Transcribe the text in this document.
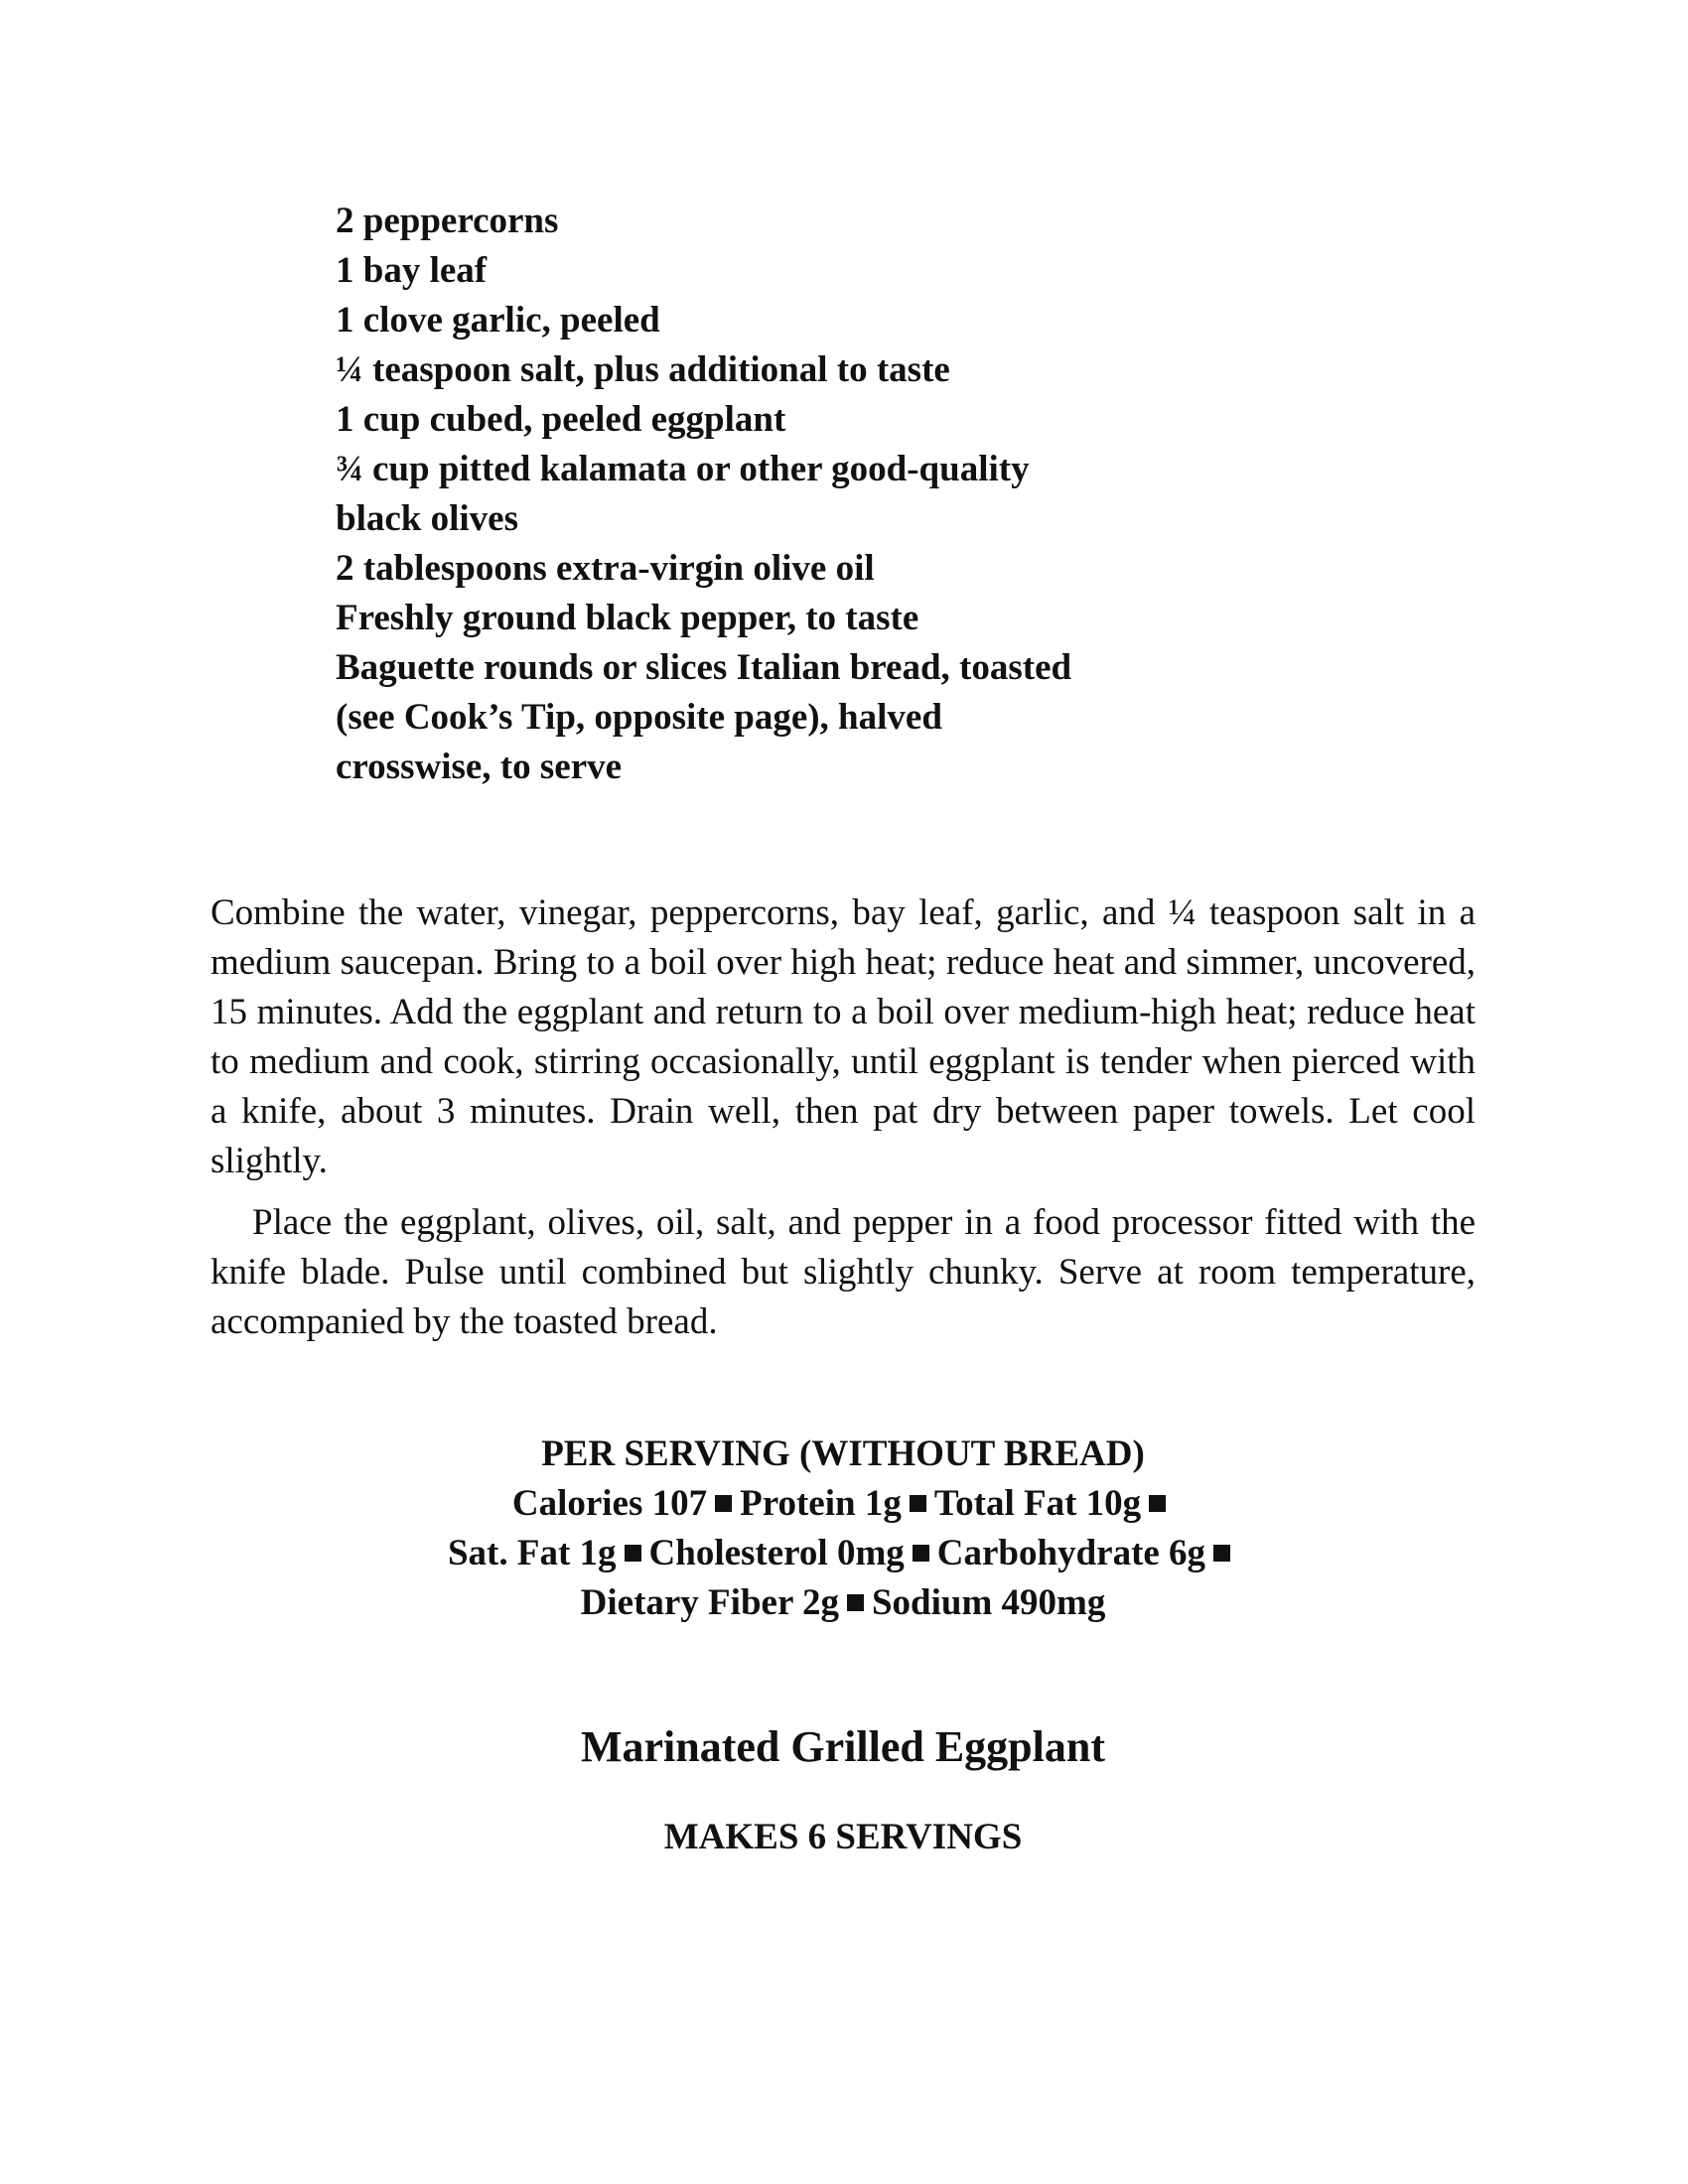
2 peppercorns
1 bay leaf
1 clove garlic, peeled
¼ teaspoon salt, plus additional to taste
1 cup cubed, peeled eggplant
¾ cup pitted kalamata or other good-quality
black olives
2 tablespoons extra-virgin olive oil
Freshly ground black pepper, to taste
Baguette rounds or slices Italian bread, toasted
(see Cook’s Tip, opposite page), halved
crosswise, to serve

Combine the water, vinegar, peppercorns, bay leaf, garlic, and ¼ teaspoon salt in a medium saucepan. Bring to a boil over high heat; reduce heat and simmer, uncovered, 15 minutes. Add the eggplant and return to a boil over medium-high heat; reduce heat to medium and cook, stirring occasionally, until eggplant is tender when pierced with a knife, about 3 minutes. Drain well, then pat dry between paper towels. Let cool slightly.

Place the eggplant, olives, oil, salt, and pepper in a food processor fitted with the knife blade. Pulse until combined but slightly chunky. Serve at room temperature, accompanied by the toasted bread.

PER SERVING (WITHOUT BREAD)
Calories 107 Protein 1g Total Fat 10g
Sat. Fat 1g Cholesterol 0mg Carbohydrate 6g
Dietary Fiber 2g Sodium 490mg
Marinated Grilled Eggplant
MAKES 6 SERVINGS
